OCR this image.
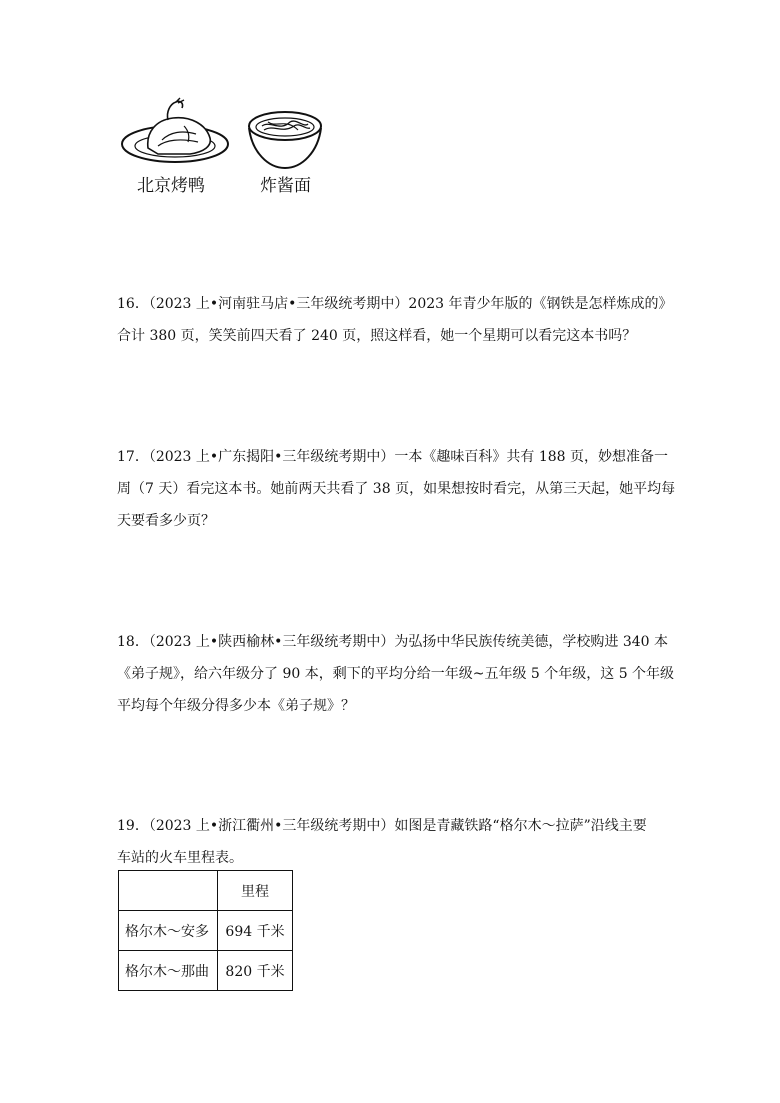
北京烤鸭	炸酱面

16．（2023 上•河南驻马店•三年级统考期中）2023 年青少年版的《钢铁是怎样炼成的》

合计 380 页，笑笑前四天看了 240 页，照这样看，她一个星期可以看完这本书吗？

17．（2023 上•广东揭阳•三年级统考期中）一本《趣味百科》共有 188 页，妙想准备一

周（7 天）看完这本书。她前两天共看了 38 页，如果想按时看完，从第三天起，她平均每

天要看多少页？

18．（2023 上•陕西榆林•三年级统考期中）为弘扬中华民族传统美德，学校购进 340 本

《弟子规》，给六年级分了 90 本，剩下的平均分给一年级~五年级 5 个年级，这 5 个年级

平均每个年级分得多少本《弟子规》？

19．（2023 上•浙江衢州•三年级统考期中）如图是青藏铁路“格尔木～拉萨”沿线主要

车站的火车里程表。

	里程
格尔木～安多	694 千米
格尔木～那曲	820 千米
